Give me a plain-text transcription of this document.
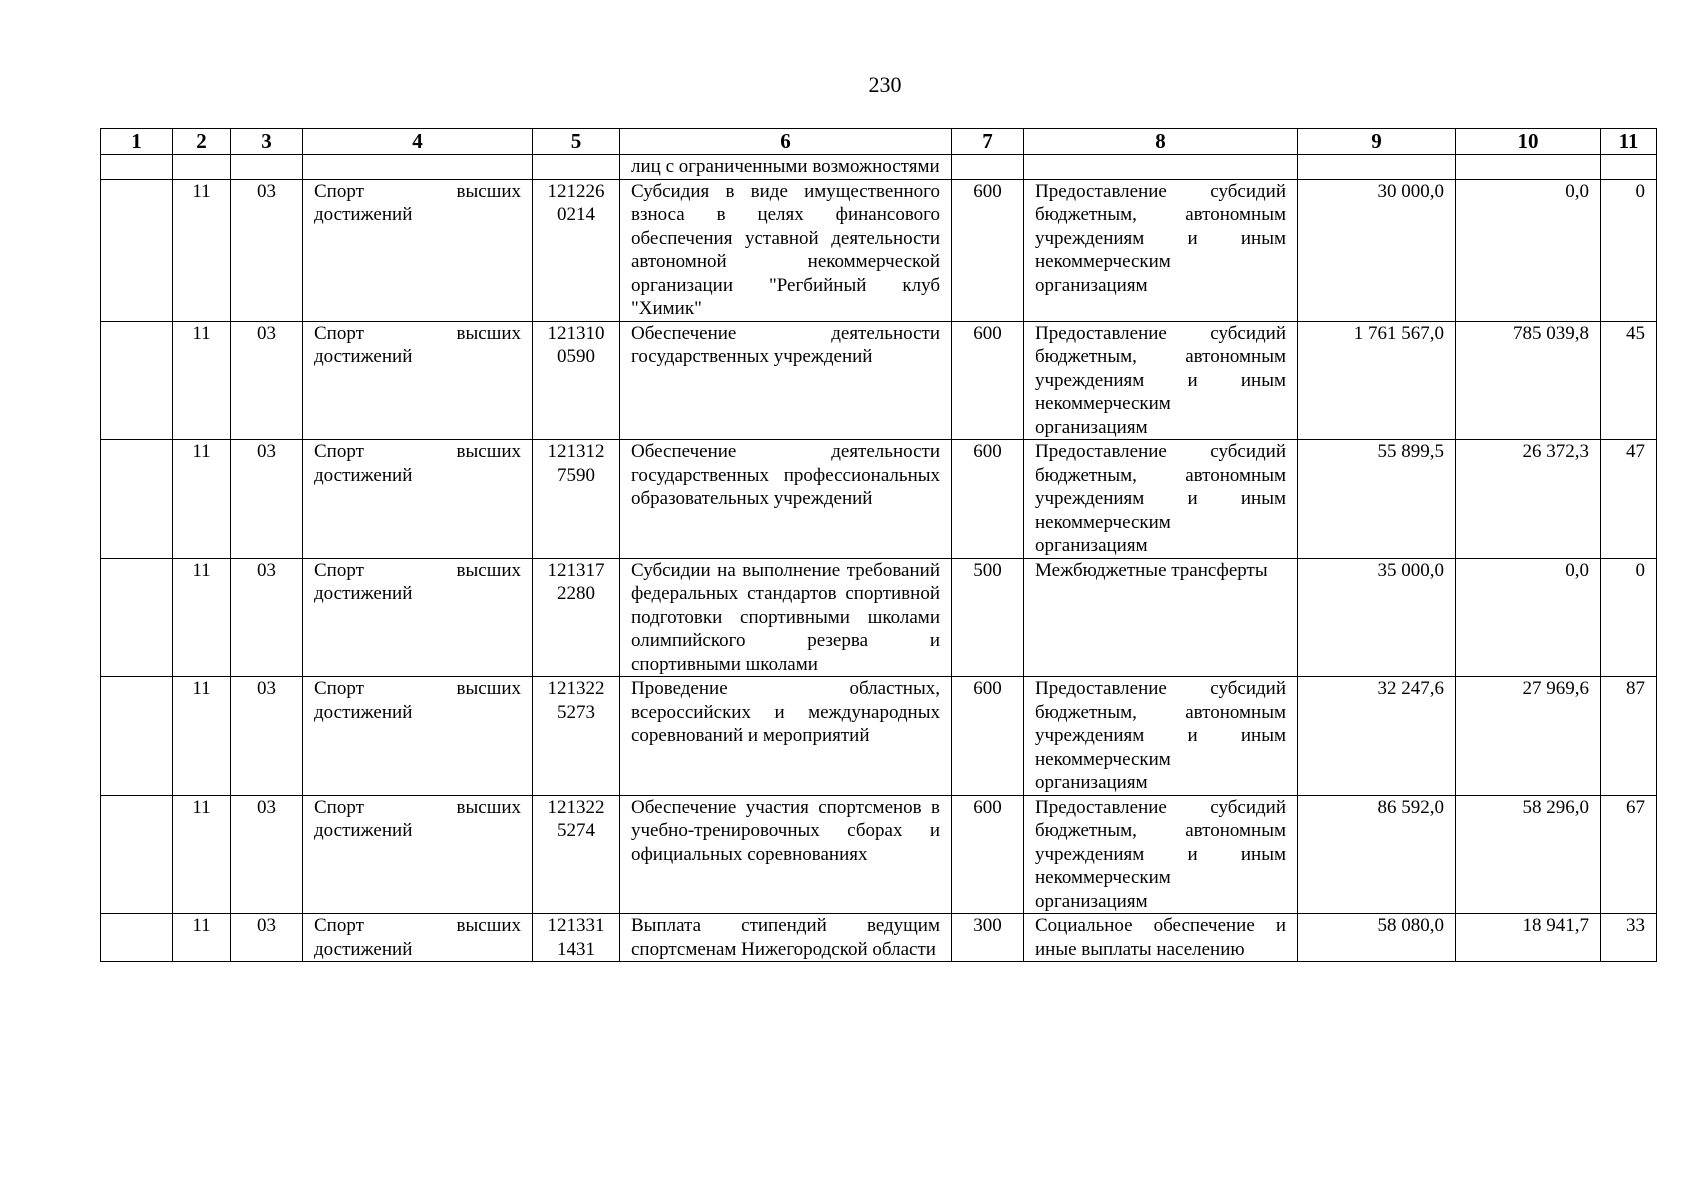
230
1	2	3	4	5	6	7	8	9	10	11
					лиц с ограниченными возможностями					
	11	03	Спорт высших достижений	1212260214	Субсидия в виде имущественного взноса в целях финансового обеспечения уставной деятельности автономной некоммерческой организации "Регбийный клуб "Химик"	600	Предоставление субсидий бюджетным, автономным учреждениям и иным некоммерческим организациям	30 000,0	0,0	0
	11	03	Спорт высших достижений	1213100590	Обеспечение деятельности государственных учреждений	600	Предоставление субсидий бюджетным, автономным учреждениям и иным некоммерческим организациям	1 761 567,0	785 039,8	45
	11	03	Спорт высших достижений	1213127590	Обеспечение деятельности государственных профессиональных образовательных учреждений	600	Предоставление субсидий бюджетным, автономным учреждениям и иным некоммерческим организациям	55 899,5	26 372,3	47
	11	03	Спорт высших достижений	1213172280	Субсидии на выполнение требований федеральных стандартов спортивной подготовки спортивными школами олимпийского резерва и спортивными школами	500	Межбюджетные трансферты	35 000,0	0,0	0
	11	03	Спорт высших достижений	1213225273	Проведение областных, всероссийских и международных соревнований и мероприятий	600	Предоставление субсидий бюджетным, автономным учреждениям и иным некоммерческим организациям	32 247,6	27 969,6	87
	11	03	Спорт высших достижений	1213225274	Обеспечение участия спортсменов в учебно-тренировочных сборах и официальных соревнованиях	600	Предоставление субсидий бюджетным, автономным учреждениям и иным некоммерческим организациям	86 592,0	58 296,0	67
	11	03	Спорт высших достижений	1213311431	Выплата стипендий ведущим спортсменам Нижегородской области	300	Социальное обеспечение и иные выплаты населению	58 080,0	18 941,7	33
